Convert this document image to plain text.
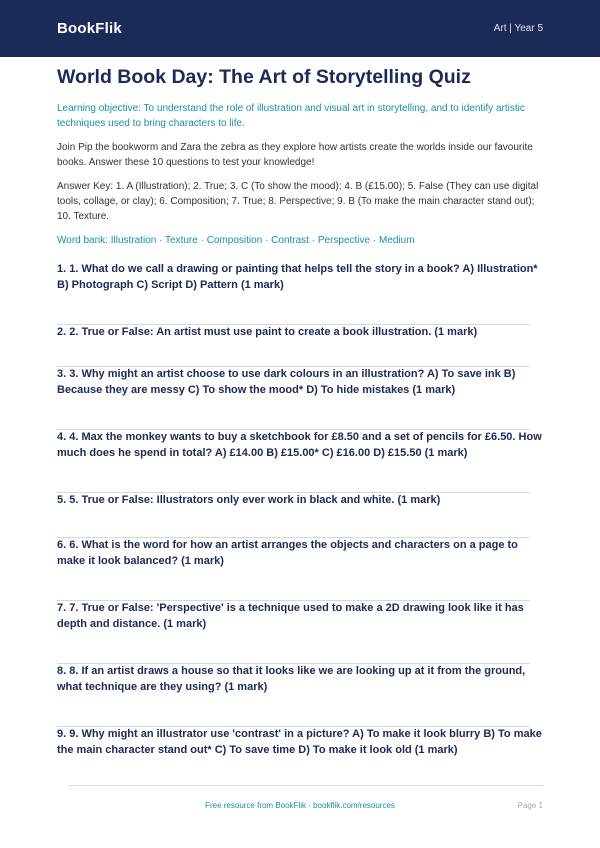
BookFlik	Art | Year 5
World Book Day: The Art of Storytelling Quiz

Learning objective: To understand the role of illustration and visual art in storytelling, and to identify artistic techniques used to bring characters to life.

Join Pip the bookworm and Zara the zebra as they explore how artists create the worlds inside our favourite books. Answer these 10 questions to test your knowledge!

Answer Key: 1. A (Illustration); 2. True; 3. C (To show the mood); 4. B (£15.00); 5. False (They can use digital tools, collage, or clay); 6. Composition; 7. True; 8. Perspective; 9. B (To make the main character stand out); 10. Texture.

Word bank: Illustration · Texture · Composition · Contrast · Perspective · Medium

1. 1. What do we call a drawing or painting that helps tell the story in a book? A) Illustration* B) Photograph C) Script D) Pattern (1 mark)
2. 2. True or False: An artist must use paint to create a book illustration. (1 mark)
3. 3. Why might an artist choose to use dark colours in an illustration? A) To save ink B) Because they are messy C) To show the mood* D) To hide mistakes (1 mark)
4. 4. Max the monkey wants to buy a sketchbook for £8.50 and a set of pencils for £6.50. How much does he spend in total? A) £14.00 B) £15.00* C) £16.00 D) £15.50 (1 mark)
5. 5. True or False: Illustrators only ever work in black and white. (1 mark)
6. 6. What is the word for how an artist arranges the objects and characters on a page to make it look balanced? (1 mark)
7. 7. True or False: 'Perspective' is a technique used to make a 2D drawing look like it has depth and distance. (1 mark)
8. 8. If an artist draws a house so that it looks like we are looking up at it from the ground, what technique are they using? (1 mark)
9. 9. Why might an illustrator use 'contrast' in a picture? A) To make it look blurry B) To make the main character stand out* C) To save time D) To make it look old (1 mark)
Free resource from BookFlik · bookflik.com/resources	Page 1
